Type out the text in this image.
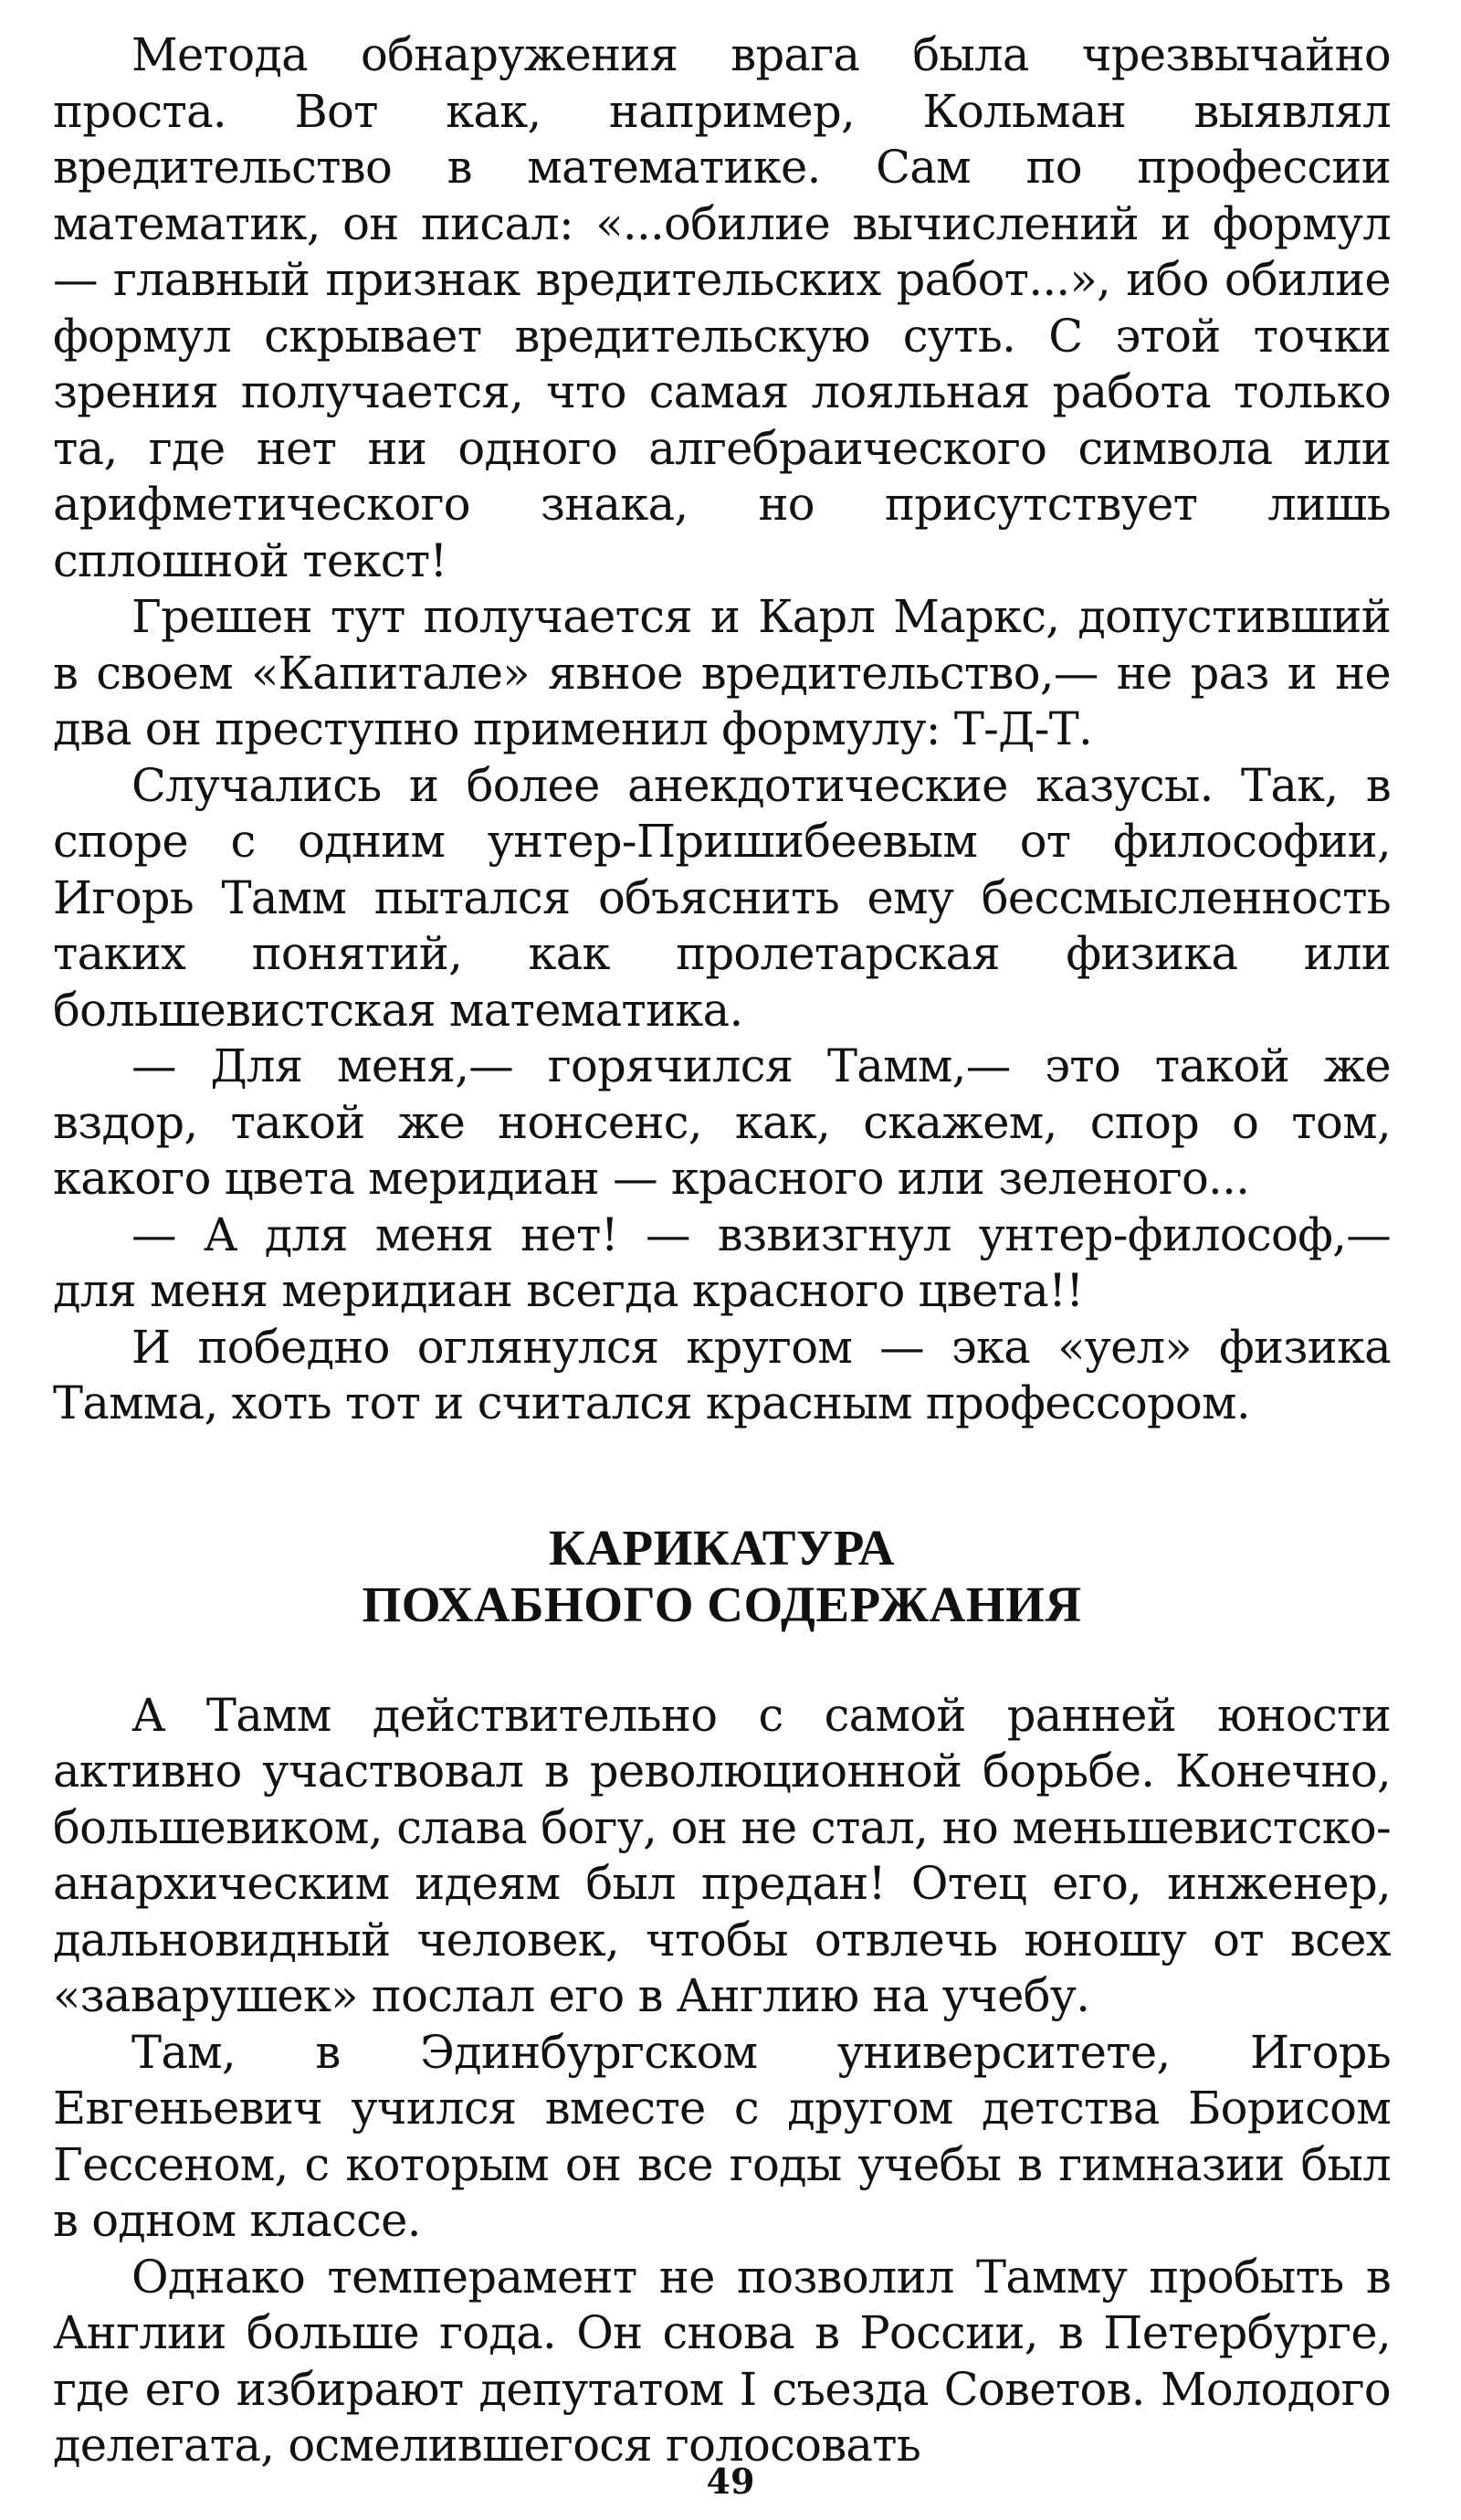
Метода обнаружения врага была чрезвычайно проста. Вот как, например, Кольман выявлял вредительство в математике. Сам по профессии математик, он писал: «...обилие вычислений и формул — главный признак вредительских работ...», ибо обилие формул скрывает вредительскую суть. С этой точки зрения получается, что самая лояльная работа только та, где нет ни одного алгебраического символа или арифметического знака, но присутствует лишь сплошной текст!

Грешен тут получается и Карл Маркс, допустивший в своем «Капитале» явное вредительство,— не раз и не два он преступно применил формулу: Т-Д-Т.

Случались и более анекдотические казусы. Так, в споре с одним унтер-Пришибеевым от философии, Игорь Тамм пытался объяснить ему бессмысленность таких понятий, как пролетарская физика или большевистская математика.

— Для меня,— горячился Тамм,— это такой же вздор, такой же нонсенс, как, скажем, спор о том, какого цвета меридиан — красного или зеленого...

— А для меня нет! — взвизгнул унтер-философ,— для меня меридиан всегда красного цвета!!

И победно оглянулся кругом — эка «уел» физика Тамма, хоть тот и считался красным профессором.

КАРИКАТУРА
ПОХАБНОГО СОДЕРЖАНИЯ

А Тамм действительно с самой ранней юности активно участвовал в революционной борьбе. Конечно, большевиком, слава богу, он не стал, но меньшевистско-анархическим идеям был предан! Отец его, инженер, дальновидный человек, чтобы отвлечь юношу от всех «заварушек» послал его в Англию на учебу.

Там, в Эдинбургском университете, Игорь Евгеньевич учился вместе с другом детства Борисом Гессеном, с которым он все годы учебы в гимназии был в одном классе.

Однако темперамент не позволил Тамму пробыть в Англии больше года. Он снова в России, в Петербурге, где его избирают депутатом I съезда Советов. Молодого делегата, осмелившегося голосовать

49
